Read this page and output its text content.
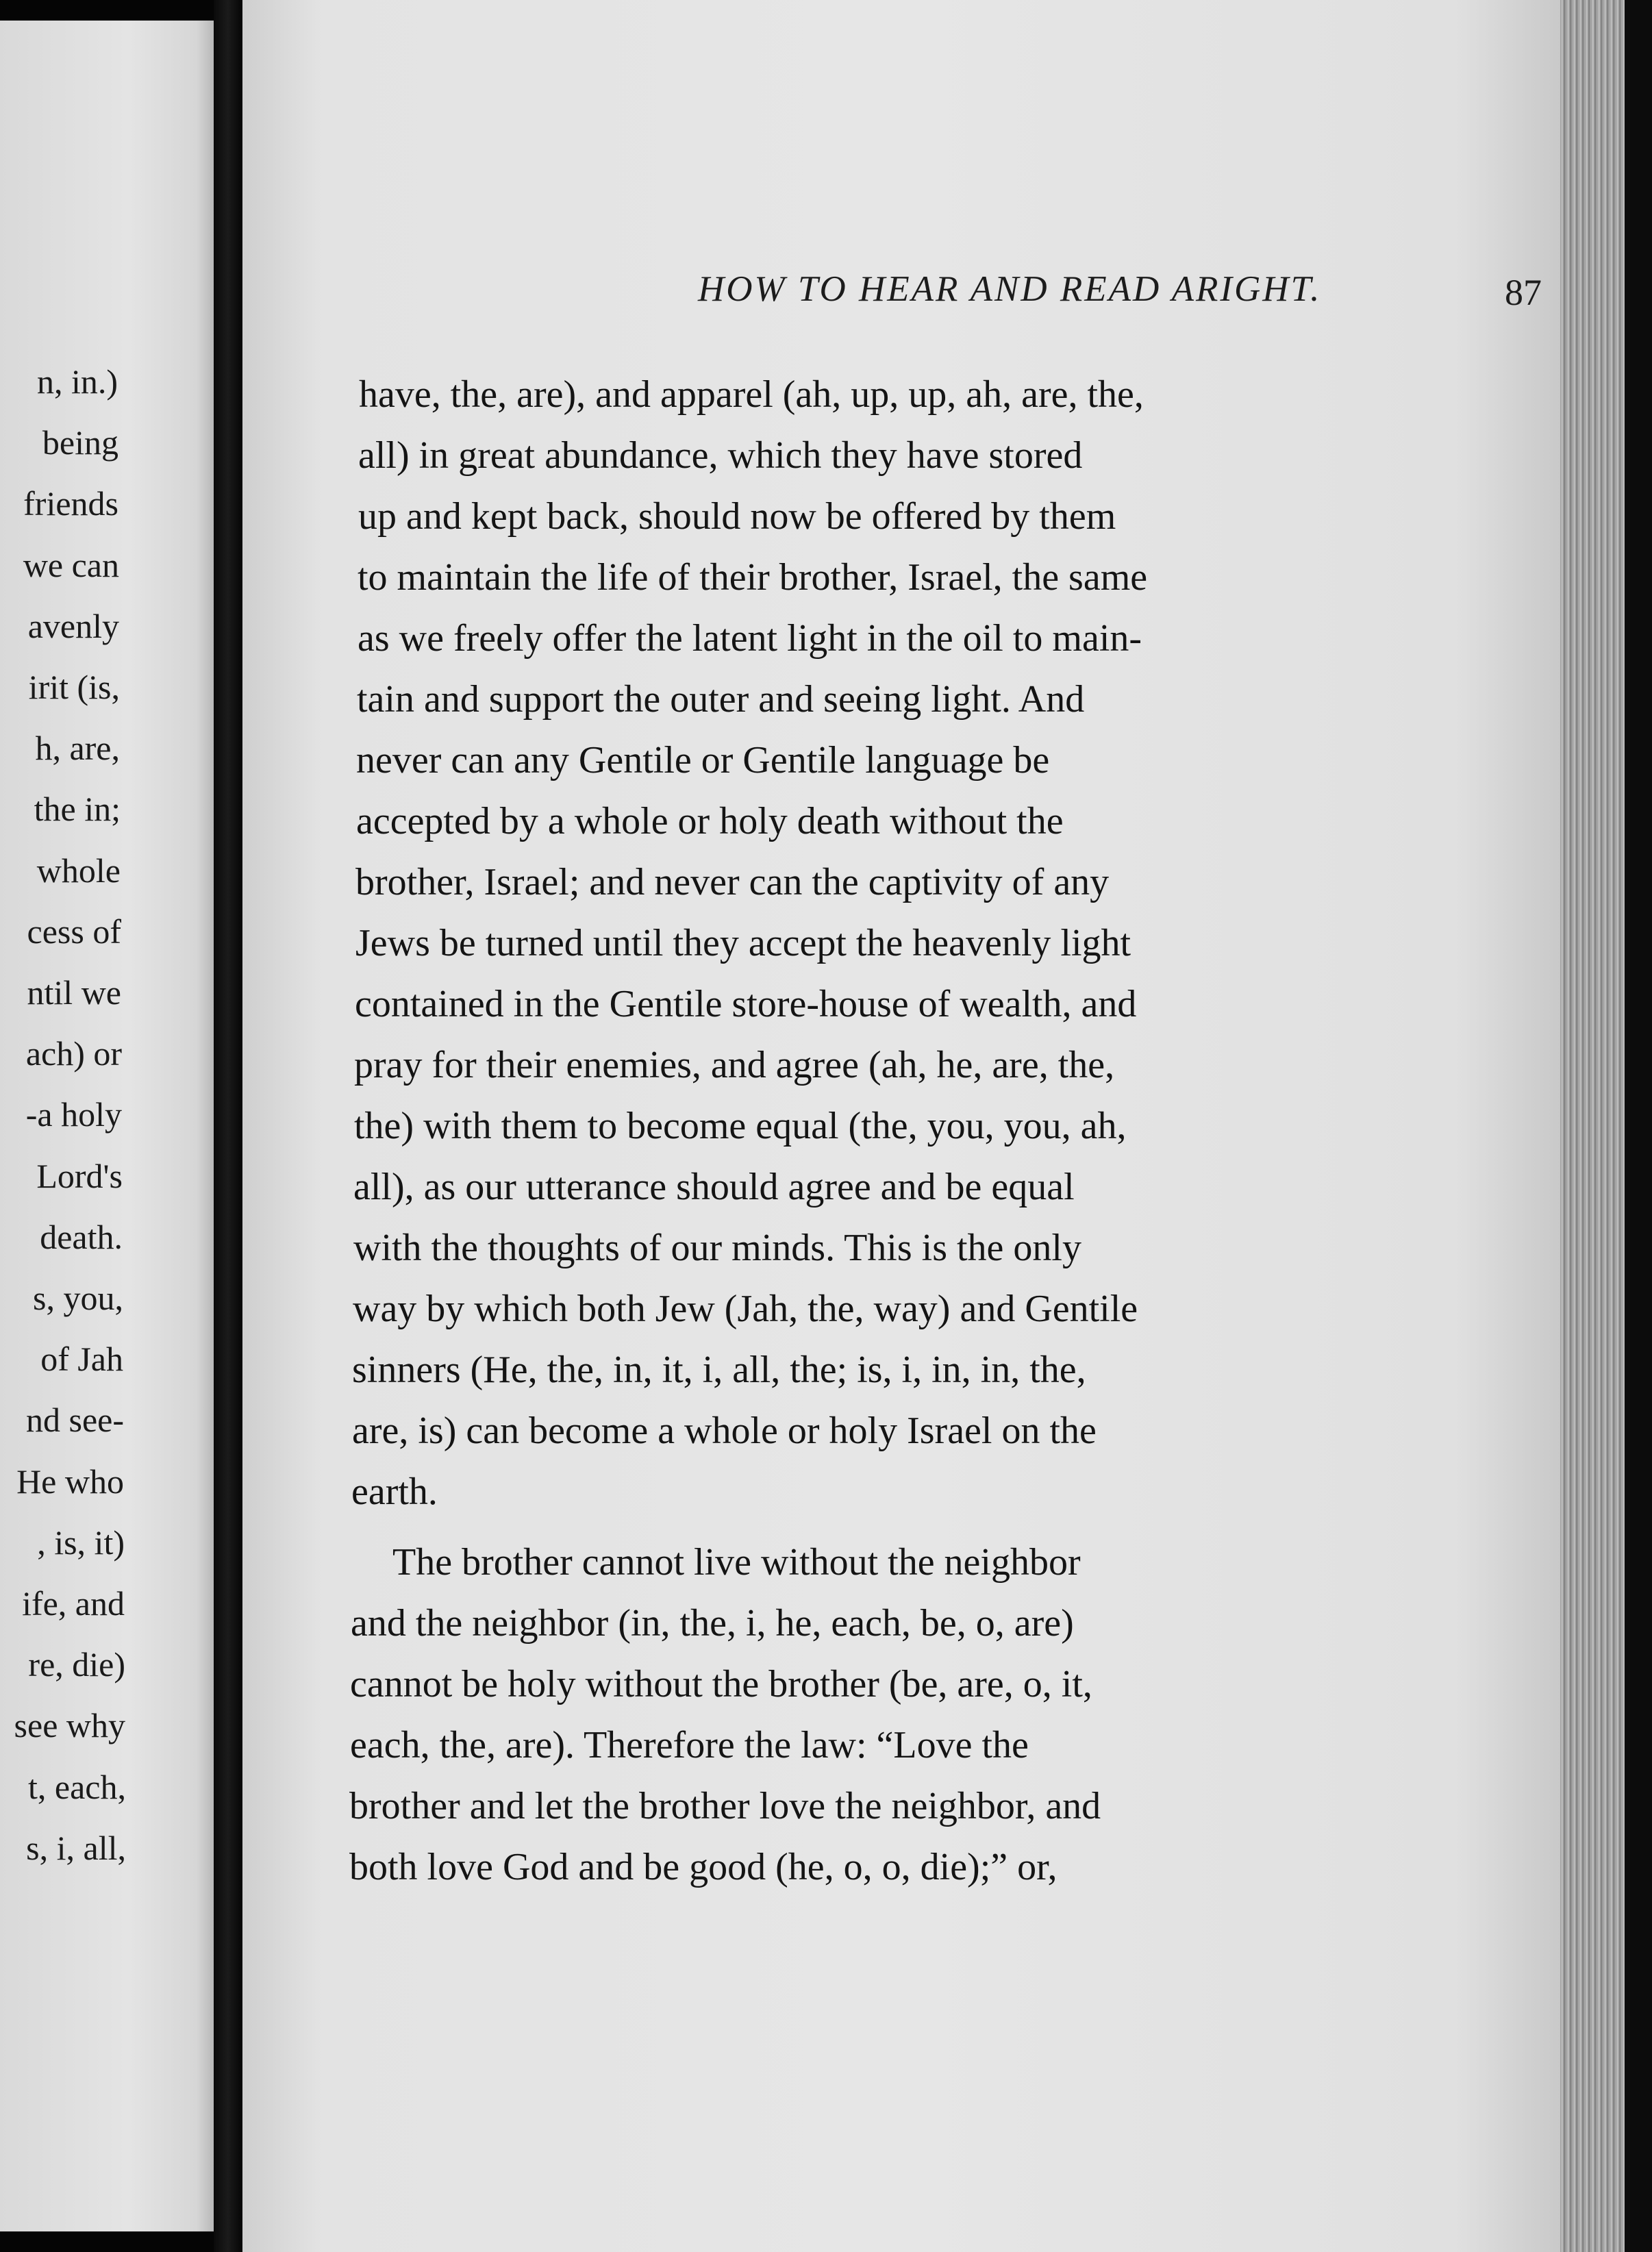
n, in.)
being
friends
we can
avenly
irit (is,
h, are,
the in;
whole
cess of
ntil we
ach) or
-a holy
Lord's
death.
s, you,
of Jah
nd see-
He who
, is, it)
ife, and
re, die)
see why
t, each,
s, i, all,
HOW TO HEAR AND READ ARIGHT.	87
have, the, are), and apparel (ah, up, up, ah, are, the,
all) in great abundance, which they have stored
up and kept back, should now be offered by them
to maintain the life of their brother, Israel, the same
as we freely offer the latent light in the oil to main-
tain and support the outer and seeing light. And
never can any Gentile or Gentile language be
accepted by a whole or holy death without the
brother, Israel; and never can the captivity of any
Jews be turned until they accept the heavenly light
contained in the Gentile store-house of wealth, and
pray for their enemies, and agree (ah, he, are, the,
the) with them to become equal (the, you, you, ah,
all), as our utterance should agree and be equal
with the thoughts of our minds. This is the only
way by which both Jew (Jah, the, way) and Gentile
sinners (He, the, in, it, i, all, the; is, i, in, in, the,
are, is) can become a whole or holy Israel on the
earth.
The brother cannot live without the neighbor
and the neighbor (in, the, i, he, each, be, o, are)
cannot be holy without the brother (be, are, o, it,
each, the, are). Therefore the law: “Love the
brother and let the brother love the neighbor, and
both love God and be good (he, o, o, die);” or,
